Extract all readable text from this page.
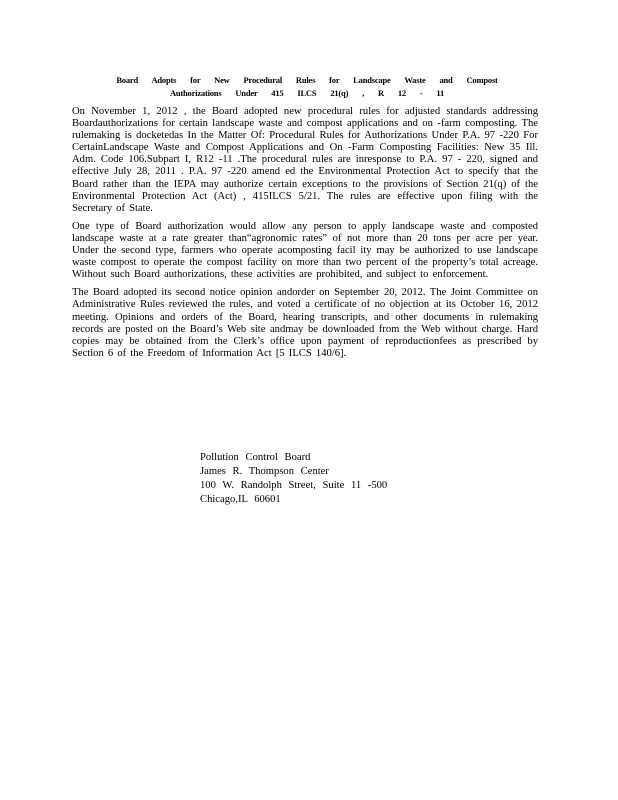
Board Adopts for New Procedural Rules for Landscape Waste and Compost
Authorizations Under 415 ILCS 21(q) , R 12 - 11

On November 1, 2012 , the Board adopted new procedural rules for adjusted standards addressing Boardauthorizations for certain landscape waste and compost applications and on -farm composting. The rulemaking is docketedas In the Matter Of: Procedural Rules for Authorizations Under P.A. 97 -220 For CertainLandscape Waste and Compost Applications and On -Farm Composting Facilities: New 35 Ill. Adm. Code 106.Subpart I, R12 -11 .The procedural rules are inresponse to P.A. 97 - 220, signed and effective July 28, 2011 . P.A. 97 -220 amend ed the Environmental Protection Act to specify that the Board rather than the IEPA may authorize certain exceptions to the provisions of Section 21(q) of the Environmental Protection Act (Act) , 415ILCS 5/21. The rules are effective upon filing with the Secretary of State.

One type of Board authorization would allow any person to apply landscape waste and composted landscape waste at a rate greater than“agronomic rates” of not more than 20 tons per acre per year. Under the second type, farmers who operate acomposting facil ity may be authorized to use landscape waste compost to operate the compost facility on more than two percent of the property’s total acreage. Without such Board authorizations, these activities are prohibited, and subject to enforcement.

The Board adopted its second notice opinion andorder on September 20, 2012. The Joint Committee on Administrative Rules reviewed the rules, and voted a certificate of no objection at its October 16, 2012 meeting. Opinions and orders of the Board, hearing transcripts, and other documents in rulemaking records are posted on the Board’s Web site andmay be downloaded from the Web without charge. Hard copies may be obtained from the Clerk’s office upon payment of reproductionfees as prescribed by Section 6 of the Freedom of Information Act [5 ILCS 140/6].

Pollution Control Board
James R. Thompson Center
100 W. Randolph Street, Suite 11 -500
Chicago,IL 60601
